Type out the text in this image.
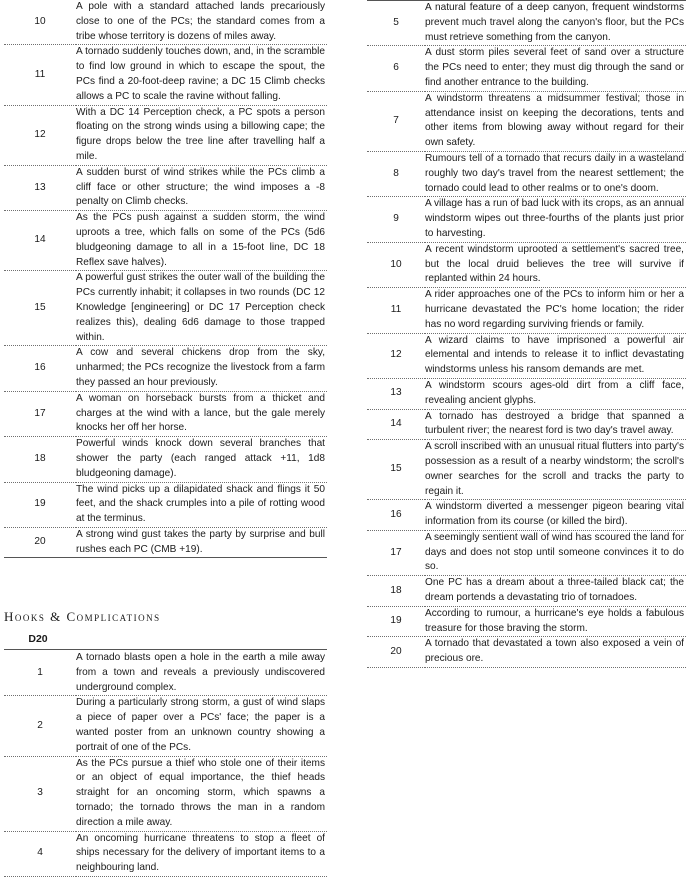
10	A pole with a standard attached lands precariously close to one of the PCs; the standard comes from a tribe whose territory is dozens of miles away.
11	A tornado suddenly touches down, and, in the scramble to find low ground in which to escape the spout, the PCs find a 20-foot-deep ravine; a DC 15 Climb checks allows a PC to scale the ravine without falling.
12	With a DC 14 Perception check, a PC spots a person floating on the strong winds using a billowing cape; the figure drops below the tree line after travelling half a mile.
13	A sudden burst of wind strikes while the PCs climb a cliff face or other structure; the wind imposes a -8 penalty on Climb checks.
14	As the PCs push against a sudden storm, the wind uproots a tree, which falls on some of the PCs (5d6 bludgeoning damage to all in a 15-foot line, DC 18 Reflex save halves).
15	A powerful gust strikes the outer wall of the building the PCs currently inhabit; it collapses in two rounds (DC 12 Knowledge [engineering] or DC 17 Perception check realizes this), dealing 6d6 damage to those trapped within.
16	A cow and several chickens drop from the sky, unharmed; the PCs recognize the livestock from a farm they passed an hour previously.
17	A woman on horseback bursts from a thicket and charges at the wind with a lance, but the gale merely knocks her off her horse.
18	Powerful winds knock down several branches that shower the party (each ranged attack +11, 1d8 bludgeoning damage).
19	The wind picks up a dilapidated shack and flings it 50 feet, and the shack crumples into a pile of rotting wood at the terminus.
20	A strong wind gust takes the party by surprise and bull rushes each PC (CMB +19).
Hooks & Complications
D20
1	A tornado blasts open a hole in the earth a mile away from a town and reveals a previously undiscovered underground complex.
2	During a particularly strong storm, a gust of wind slaps a piece of paper over a PCs' face; the paper is a wanted poster from an unknown country showing a portrait of one of the PCs.
3	As the PCs pursue a thief who stole one of their items or an object of equal importance, the thief heads straight for an oncoming storm, which spawns a tornado; the tornado throws the man in a random direction a mile away.
4	An oncoming hurricane threatens to stop a fleet of ships necessary for the delivery of important items to a neighbouring land.
5	A natural feature of a deep canyon, frequent windstorms prevent much travel along the canyon's floor, but the PCs must retrieve something from the canyon.
6	A dust storm piles several feet of sand over a structure the PCs need to enter; they must dig through the sand or find another entrance to the building.
7	A windstorm threatens a midsummer festival; those in attendance insist on keeping the decorations, tents and other items from blowing away without regard for their own safety.
8	Rumours tell of a tornado that recurs daily in a wasteland roughly two day's travel from the nearest settlement; the tornado could lead to other realms or to one's doom.
9	A village has a run of bad luck with its crops, as an annual windstorm wipes out three-fourths of the plants just prior to harvesting.
10	A recent windstorm uprooted a settlement's sacred tree, but the local druid believes the tree will survive if replanted within 24 hours.
11	A rider approaches one of the PCs to inform him or her a hurricane devastated the PC's home location; the rider has no word regarding surviving friends or family.
12	A wizard claims to have imprisoned a powerful air elemental and intends to release it to inflict devastating windstorms unless his ransom demands are met.
13	A windstorm scours ages-old dirt from a cliff face, revealing ancient glyphs.
14	A tornado has destroyed a bridge that spanned a turbulent river; the nearest ford is two day's travel away.
15	A scroll inscribed with an unusual ritual flutters into party's possession as a result of a nearby windstorm; the scroll's owner searches for the scroll and tracks the party to regain it.
16	A windstorm diverted a messenger pigeon bearing vital information from its course (or killed the bird).
17	A seemingly sentient wall of wind has scoured the land for days and does not stop until someone convinces it to do so.
18	One PC has a dream about a three-tailed black cat; the dream portends a devastating trio of tornadoes.
19	According to rumour, a hurricane's eye holds a fabulous treasure for those braving the storm.
20	A tornado that devastated a town also exposed a vein of precious ore.
